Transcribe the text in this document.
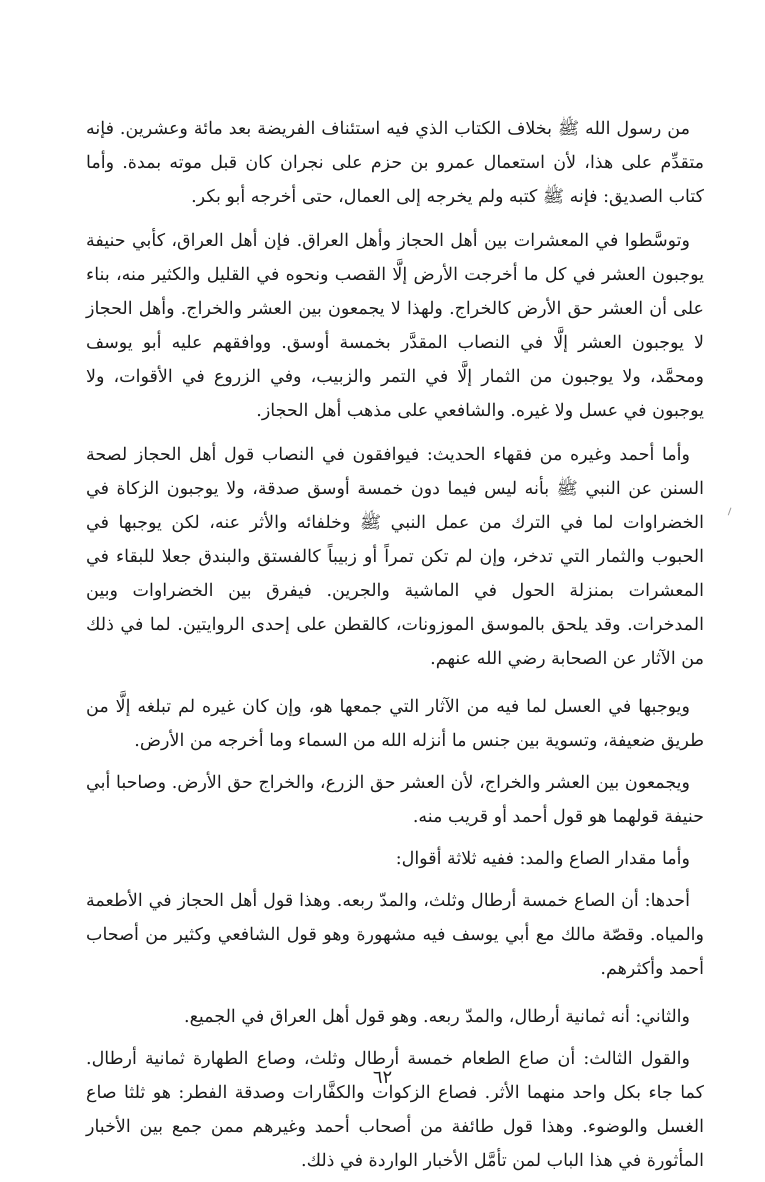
من رسول الله ﷺ بخلاف الكتاب الذي فيه استئناف الفريضة بعد مائة وعشرين. فإنه متقدِّم على هذا، لأن استعمال عمرو بن حزم على نجران كان قبل موته بمدة. وأما كتاب الصديق: فإنه ﷺ كتبه ولم يخرجه إلى العمال، حتى أخرجه أبو بكر.

وتوسَّطوا في المعشرات بين أهل الحجاز وأهل العراق. فإن أهل العراق، كأبي حنيفة يوجبون العشر في كل ما أخرجت الأرض إلَّا القصب ونحوه في القليل والكثير منه، بناء على أن العشر حق الأرض كالخراج. ولهذا لا يجمعون بين العشر والخراج. وأهل الحجاز لا يوجبون العشر إلَّا في النصاب المقدَّر بخمسة أوسق. ووافقهم عليه أبو يوسف ومحمَّد، ولا يوجبون من الثمار إلَّا في التمر والزبيب، وفي الزروع في الأقوات، ولا يوجبون في عسل ولا غيره. والشافعي على مذهب أهل الحجاز.

وأما أحمد وغيره من فقهاء الحديث: فيوافقون في النصاب قول أهل الحجاز لصحة السنن عن النبي ﷺ بأنه ليس فيما دون خمسة أوسق صدقة، ولا يوجبون الزكاة في الخضراوات لما في الترك من عمل النبي ﷺ وخلفائه والأثر عنه، لكن يوجبها في الحبوب والثمار التي تدخر، وإن لم تكن تمراً أو زبيباً كالفستق والبندق جعلا للبقاء في المعشرات بمنزلة الحول في الماشية والجرين. فيفرق بين الخضراوات وبين المدخرات. وقد يلحق بالموسق الموزونات، كالقطن على إحدى الروايتين. لما في ذلك من الآثار عن الصحابة رضي الله عنهم.

ويوجبها في العسل لما فيه من الآثار التي جمعها هو، وإن كان غيره لم تبلغه إلَّا من طريق ضعيفة، وتسوية بين جنس ما أنزله الله من السماء وما أخرجه من الأرض.

ويجمعون بين العشر والخراج، لأن العشر حق الزرع، والخراج حق الأرض. وصاحبا أبي حنيفة قولهما هو قول أحمد أو قريب منه.

وأما مقدار الصاع والمد: ففيه ثلاثة أقوال:

أحدها: أن الصاع خمسة أرطال وثلث، والمدّ ربعه. وهذا قول أهل الحجاز في الأطعمة والمياه. وقصّة مالك مع أبي يوسف فيه مشهورة وهو قول الشافعي وكثير من أصحاب أحمد وأكثرهم.

والثاني: أنه ثمانية أرطال، والمدّ ربعه. وهو قول أهل العراق في الجميع.

والقول الثالث: أن صاع الطعام خمسة أرطال وثلث، وصاع الطهارة ثمانية أرطال. كما جاء بكل واحد منهما الأثر. فصاع الزكوات والكفَّارات وصدقة الفطر: هو ثلثا صاع الغسل والوضوء. وهذا قول طائفة من أصحاب أحمد وغيرهم ممن جمع بين الأخبار المأثورة في هذا الباب لمن تأمَّل الأخبار الواردة في ذلك.

٦٢
